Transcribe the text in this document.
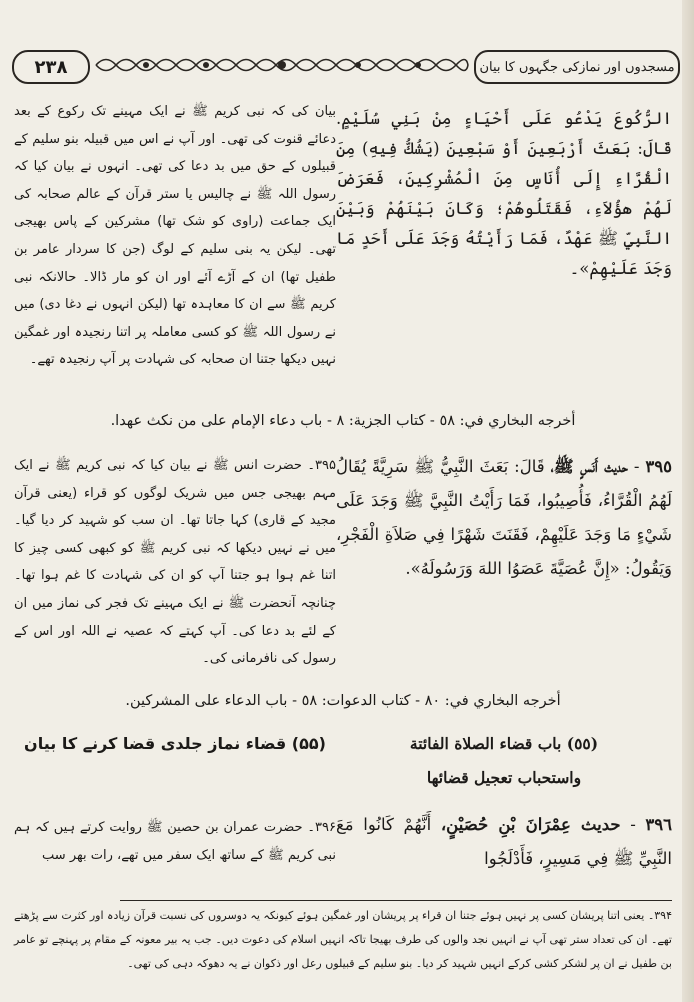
۲۳۸	مسجدوں اور نمازکی جگہوں کا بیان
الرُّكُوعَ يَدْعُو عَلَى أَحْيَاءٍ مِنْ بَنِي سُلَيْمٍ. قَالَ: بَعَثَ أَرْبَعِينَ أَوْ سَبْعِينَ (يَشُكُّ فِيهِ) مِنَ الْقُرَّاءِ إِلَى أُنَاسٍ مِنَ الْمُشْرِكِينَ، فَعَرَضَ لَهُمْ هؤُلاَءِ، فَقَتَلُوهُمْ؛ وَكَانَ بَيْنَهُمْ وَبَيْنَ النَّبِيِّ ﷺ عَهْدٌ، فَمَا رَأَيْتُهُ وَجَدَ عَلَى أَحَدٍ مَا وَجَدَ عَلَيْهِمْ»۔
بیان کی کہ نبی کریم ﷺ نے ایک مہینے تک رکوع کے بعد دعائے قنوت کی تھی۔ اور آپ نے اس میں قبیلہ بنو سلیم کے قبیلوں کے حق میں بد دعا کی تھی۔ انہوں نے بیان کیا کہ رسول اللہ ﷺ نے چالیس یا ستر قرآن کے عالم صحابہ کی ایک جماعت (راوی کو شک تھا) مشرکین کے پاس بھیجی تھی۔ لیکن یہ بنی سلیم کے لوگ (جن کا سردار عامر بن طفیل تھا) ان کے آڑے آئے اور ان کو مار ڈالا۔ حالانکہ نبی کریم ﷺ سے ان کا معاہدہ تھا (لیکن انہوں نے دغا دی) میں نے رسول اللہ ﷺ کو کسی معاملہ پر اتنا رنجیدہ اور غمگین نہیں دیکھا جتنا ان صحابہ کی شہادت پر آپ رنجیدہ تھے۔
أخرجه البخاري في: ٥٨ - كتاب الجزية: ٨ - باب دعاء الإمام على من نكث عهدا.
٣٩٥ - حديث أَنَسٍ ﷺ، قَالَ: بَعَثَ النَّبِيُّ ﷺ سَرِيَّةً يُقَالُ لَهُمُ الْقُرَّاءُ، فَأُصِيبُوا، فَمَا رَأَيْتُ النَّبِيَّ ﷺ وَجَدَ عَلَى شَيْءٍ مَا وَجَدَ عَلَيْهِمْ، فَقَنَتَ شَهْرًا فِي صَلاَةِ الْفَجْرِ، وَيَقُولُ: «إِنَّ عُصَيَّةَ عَصَوُا اللهَ وَرَسُولَهُ».
۳۹۵۔ حضرت انس ﷺ نے بیان کیا کہ نبی کریم ﷺ نے ایک مہم بھیجی جس میں شریک لوگوں کو قراء (یعنی قرآن مجید کے قاری) کہا جاتا تھا۔ ان سب کو شہید کر دیا گیا۔ میں نے نہیں دیکھا کہ نبی کریم ﷺ کو کبھی کسی چیز کا اتنا غم ہوا ہو جتنا آپ کو ان کی شہادت کا غم ہوا تھا۔ چنانچہ آنحضرت ﷺ نے ایک مہینے تک فجر کی نماز میں ان کے لئے بد دعا کی۔ آپ کہتے کہ عصیہ نے اللہ اور اس کے رسول کی نافرمانی کی۔
أخرجه البخاري في: ٨٠ - كتاب الدعوات: ٥٨ - باب الدعاء على المشركين.
(٥٥) باب قضاء الصلاة الفائتة
واستحباب تعجيل قضائها
(۵۵) قضاء نماز جلدی قضا کرنے کا بیان
٣٩٦ - حديث عِمْرَانَ بْنِ حُصَيْنٍ، أَنَّهُمْ كَانُوا مَعَ النَّبِيِّ ﷺ فِي مَسِيرٍ، فَأَدْلَجُوا
۳۹۶۔ حضرت عمران بن حصین ﷺ روایت کرتے ہیں کہ ہم نبی کریم ﷺ کے ساتھ ایک سفر میں تھے، رات بھر سب
۳۹۴۔ یعنی اتنا پریشان کسی پر نہیں ہوئے جتنا ان قراء پر پریشان اور غمگین ہوئے کیونکہ یہ دوسروں کی نسبت قرآن زیادہ اور کثرت سے پڑھتے تھے۔ ان کی تعداد ستر تھی آپ نے انہیں نجد والوں کی طرف بھیجا تاکہ انہیں اسلام کی دعوت دیں۔ جب یہ بیر معونہ کے مقام پر پہنچے تو عامر بن طفیل نے ان پر لشکر کشی کرکے انہیں شہید کر دیا۔ بنو سلیم کے قبیلوں رعل اور ذکوان نے یہ دھوکہ دہی کی تھی۔
